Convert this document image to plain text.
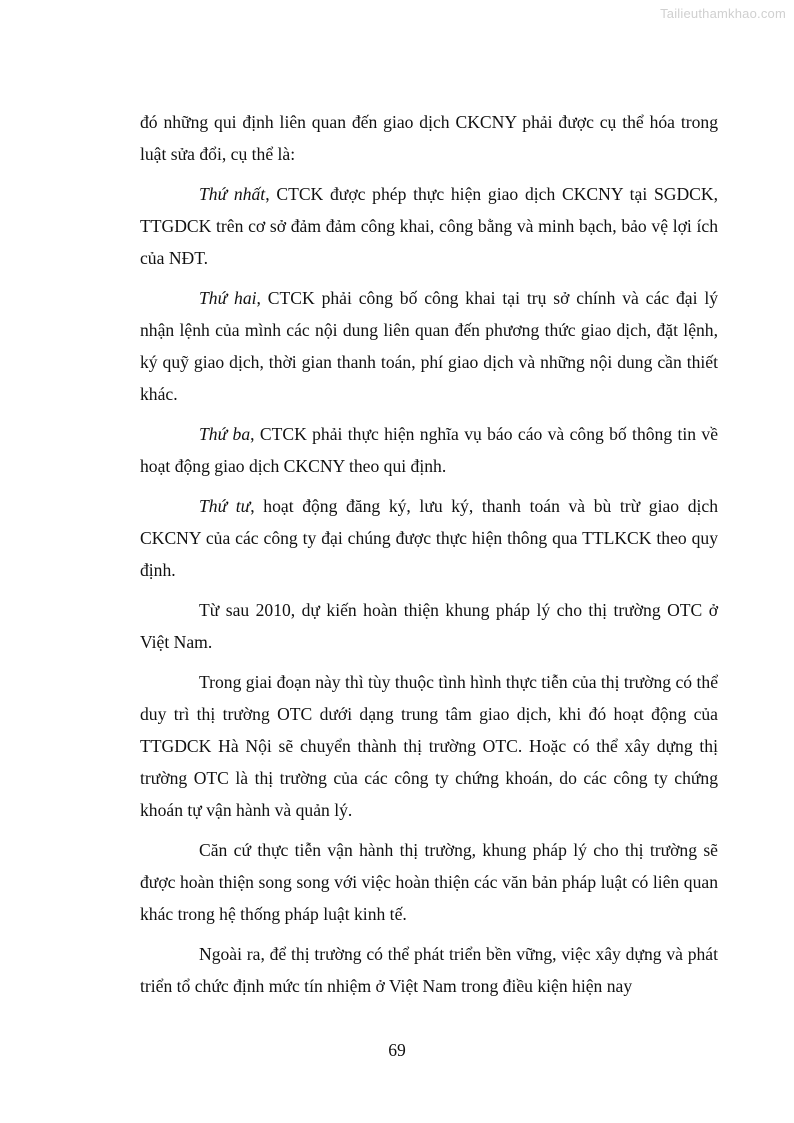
Tailieuthamkhao.com

đó những qui định liên quan đến giao dịch CKCNY phải được cụ thể hóa trong luật sửa đổi, cụ thể là:

Thứ nhất, CTCK được phép thực hiện giao dịch CKCNY tại SGDCK, TTGDCK trên cơ sở đảm đảm công khai, công bằng và minh bạch, bảo vệ lợi ích của NĐT.

Thứ hai, CTCK phải công bố công khai tại trụ sở chính và các đại lý nhận lệnh của mình các nội dung liên quan đến phương thức giao dịch, đặt lệnh, ký quỹ giao dịch, thời gian thanh toán, phí giao dịch và những nội dung cần thiết khác.

Thứ ba, CTCK phải thực hiện nghĩa vụ báo cáo và công bố thông tin về hoạt động giao dịch CKCNY theo qui định.

Thứ tư, hoạt động đăng ký, lưu ký, thanh toán và bù trừ giao dịch CKCNY của các công ty đại chúng được thực hiện thông qua TTLKCK theo quy định.

Từ sau 2010, dự kiến hoàn thiện khung pháp lý cho thị trường OTC ở Việt Nam.

Trong giai đoạn này thì tùy thuộc tình hình thực tiễn của thị trường có thể duy trì thị trường OTC dưới dạng trung tâm giao dịch, khi đó hoạt động của TTGDCK Hà Nội sẽ chuyển thành thị trường OTC. Hoặc có thể xây dựng thị trường OTC là thị trường của các công ty chứng khoán, do các công ty chứng khoán tự vận hành và quản lý.

Căn cứ thực tiễn vận hành thị trường, khung pháp lý cho thị trường sẽ được hoàn thiện song song với việc hoàn thiện các văn bản pháp luật có liên quan khác trong hệ thống pháp luật kinh tế.

Ngoài ra, để thị trường có thể phát triển bền vững, việc xây dựng và phát triển tổ chức định mức tín nhiệm ở Việt Nam trong điều kiện hiện nay

69
